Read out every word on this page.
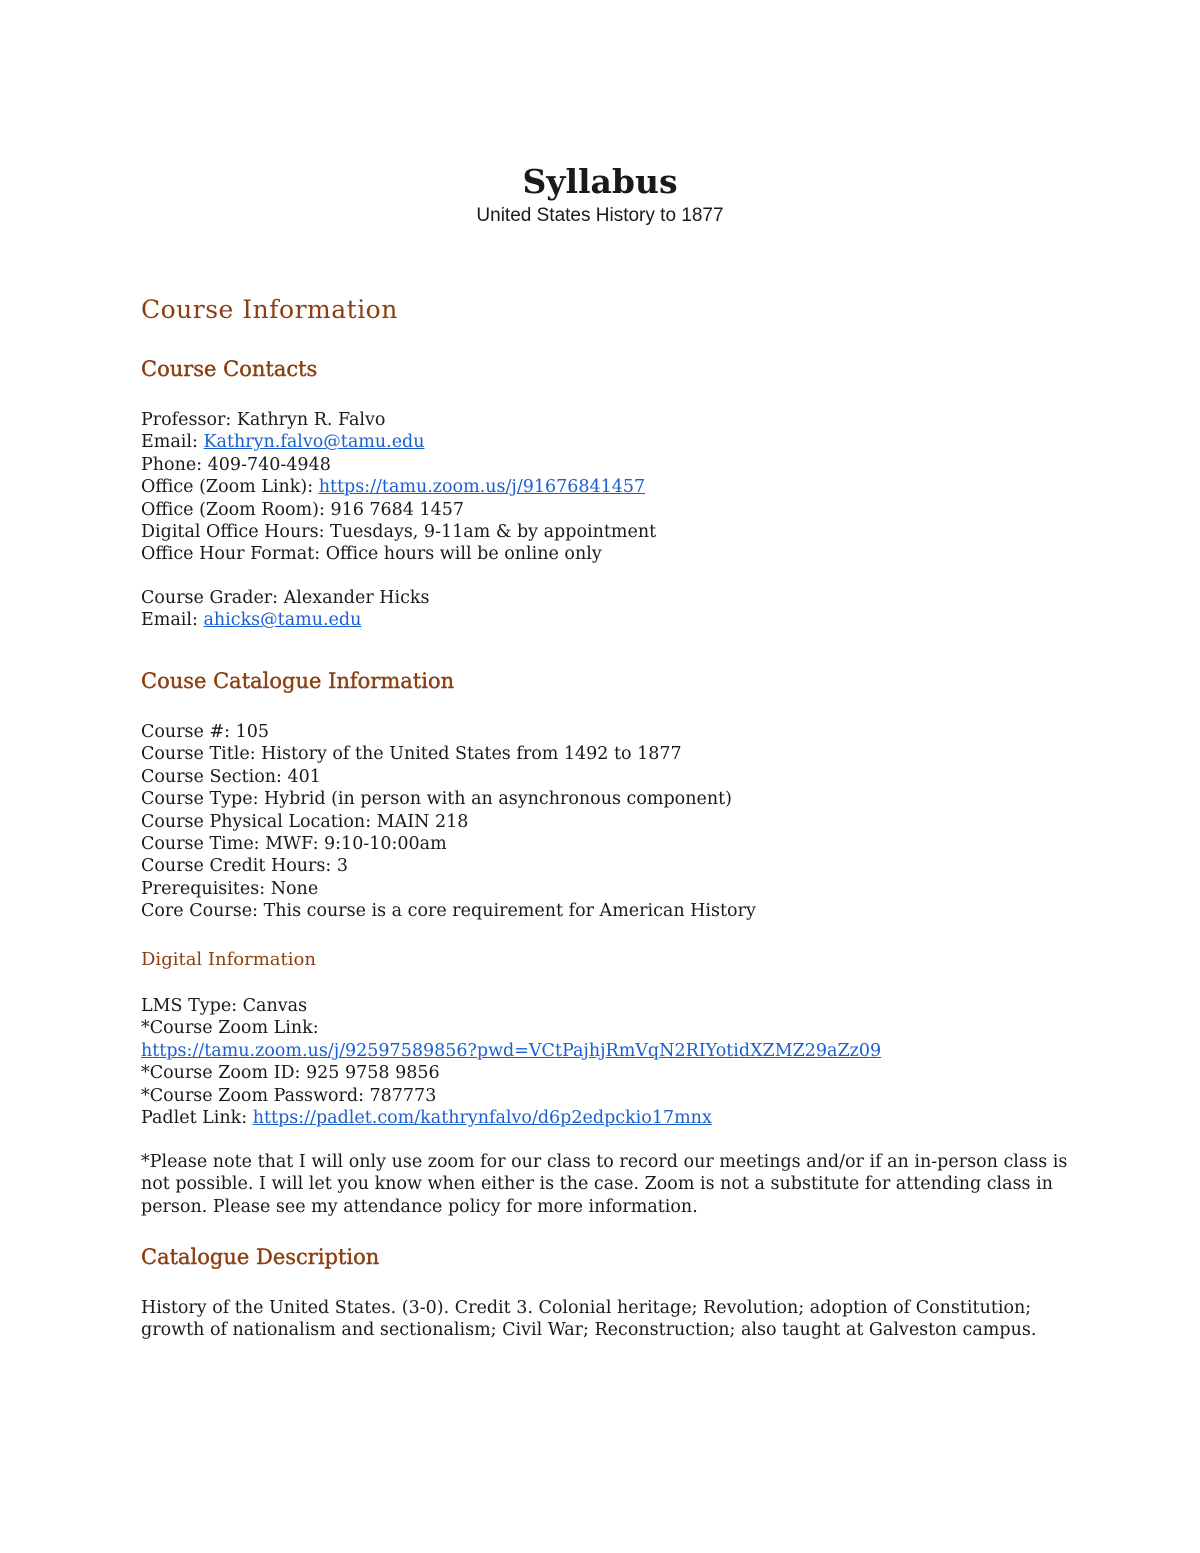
Syllabus
United States History to 1877
Course Information
Course Contacts
Professor: Kathryn R. Falvo
Email: Kathryn.falvo@tamu.edu
Phone: 409-740-4948
Office (Zoom Link): https://tamu.zoom.us/j/91676841457
Office (Zoom Room): 916 7684 1457
Digital Office Hours: Tuesdays, 9-11am & by appointment
Office Hour Format: Office hours will be online only
Course Grader: Alexander Hicks
Email: ahicks@tamu.edu
Couse Catalogue Information
Course #: 105
Course Title: History of the United States from 1492 to 1877
Course Section: 401
Course Type: Hybrid (in person with an asynchronous component)
Course Physical Location: MAIN 218
Course Time: MWF: 9:10-10:00am
Course Credit Hours: 3
Prerequisites: None
Core Course: This course is a core requirement for American History
Digital Information
LMS Type: Canvas
*Course Zoom Link:
https://tamu.zoom.us/j/92597589856?pwd=VCtPajhjRmVqN2RIYotidXZMZ29aZz09
*Course Zoom ID: 925 9758 9856
*Course Zoom Password: 787773
Padlet Link: https://padlet.com/kathrynfalvo/d6p2edpckio17mnx
*Please note that I will only use zoom for our class to record our meetings and/or if an in-person class is
not possible. I will let you know when either is the case. Zoom is not a substitute for attending class in
person. Please see my attendance policy for more information.
Catalogue Description
History of the United States. (3-0). Credit 3. Colonial heritage; Revolution; adoption of Constitution;
growth of nationalism and sectionalism; Civil War; Reconstruction; also taught at Galveston campus.
